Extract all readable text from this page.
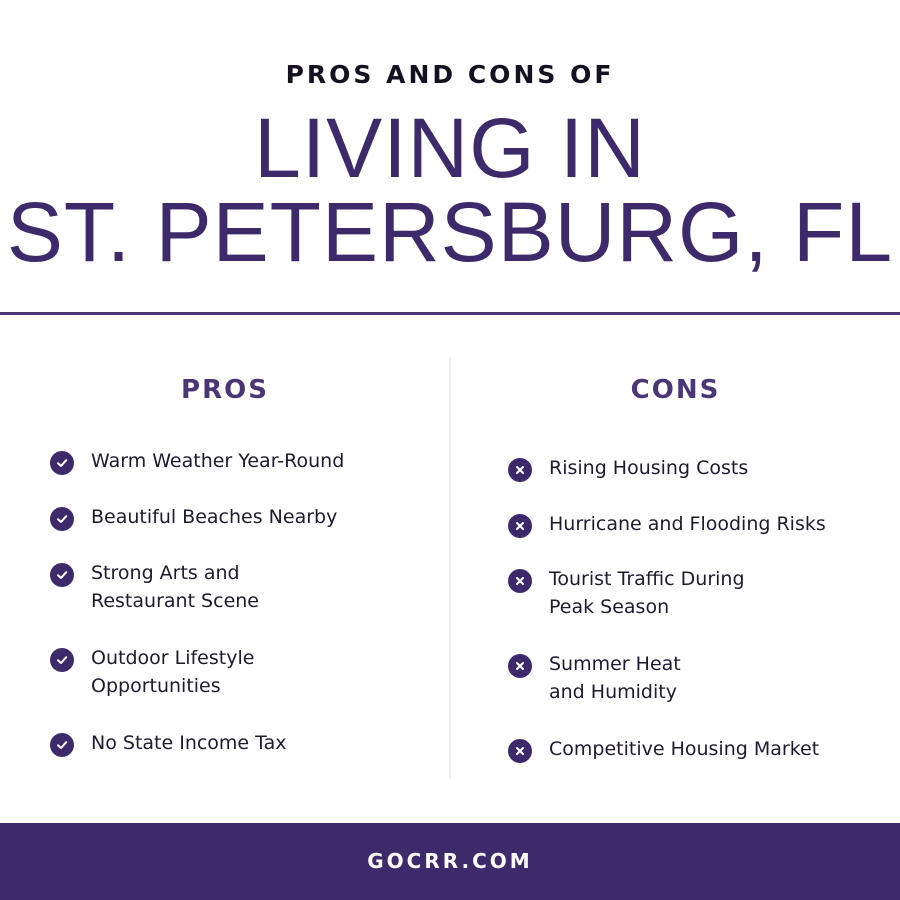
PROS AND CONS OF
LIVING IN
ST. PETERSBURG, FL
PROS
Warm Weather Year-Round
Beautiful Beaches Nearby
Strong Arts and
Restaurant Scene
Outdoor Lifestyle
Opportunities
No State Income Tax
CONS
Rising Housing Costs
Hurricane and Flooding Risks
Tourist Traffic During
Peak Season
Summer Heat
and Humidity
Competitive Housing Market
GOCRR.COM
